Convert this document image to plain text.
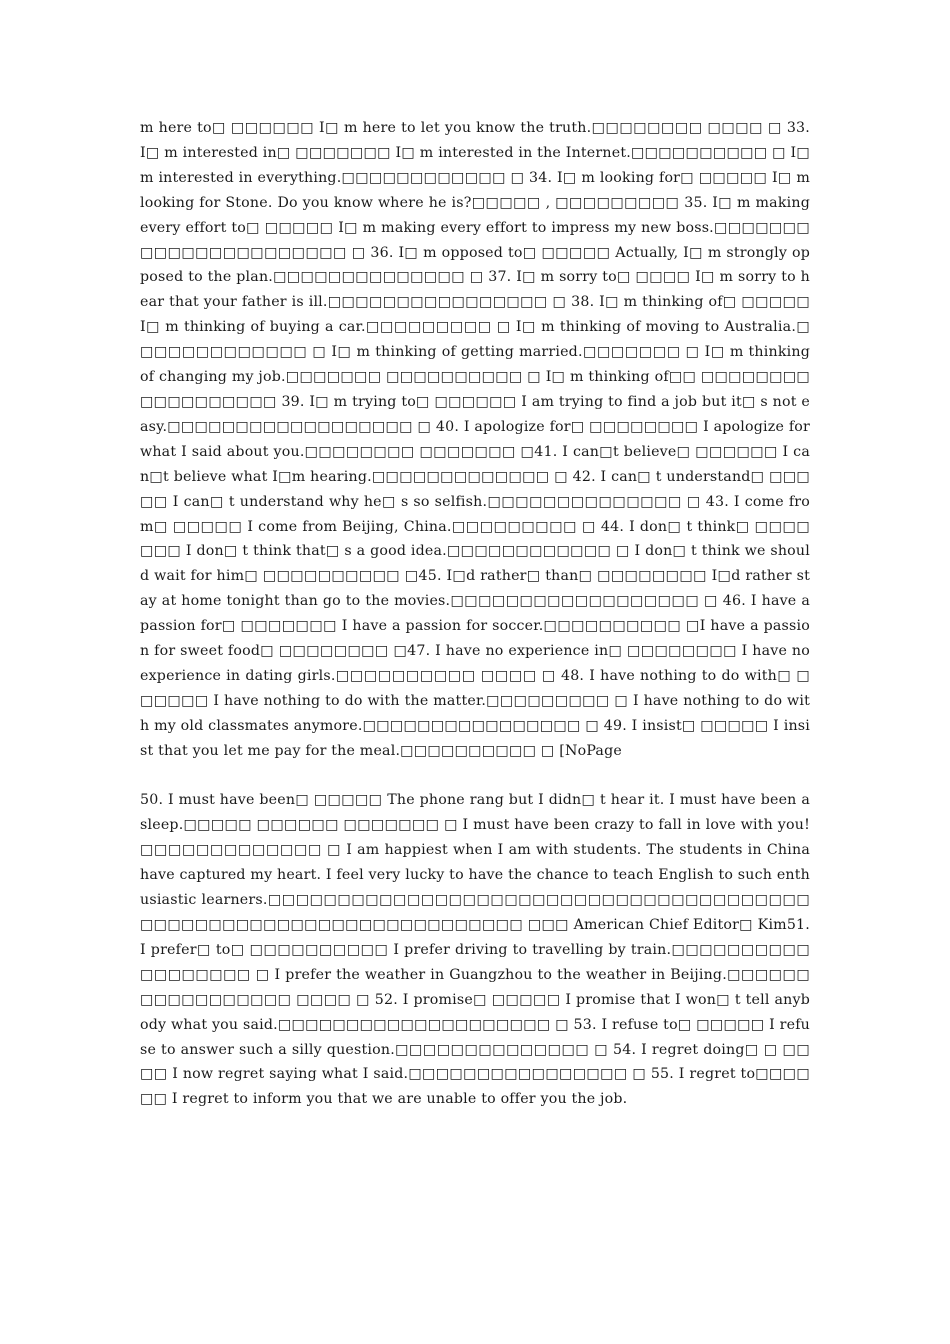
m here to□ □□□□□□ I□ m here to let you know the truth.□□□□□□□□ □□□□ □ 33. I□ m interested in□ □□□□□□□ I□ m interested in the Internet.□□□□□□□□□□ □ I□ m interested in everything.□□□□□□□□□□□□ □ 34. I□ m looking for□ □□□□□ I□ m looking for Stone. Do you know where he is?□□□□□ , □□□□□□□□□ 35. I□ m making every effort to□ □□□□□ I□ m making every effort to impress my new boss.□□□□□□□□□□□□□□□□□□□□□□ □ 36. I□ m opposed to□ □□□□□ Actually, I□ m strongly opposed to the plan.□□□□□□□□□□□□□□ □ 37. I□ m sorry to□ □□□□ I□ m sorry to hear that your father is ill.□□□□□□□□□□□□□□□□ □ 38. I□ m thinking of□ □□□□□ I□ m thinking of buying a car.□□□□□□□□□ □ I□ m thinking of moving to Australia.□□□□□□□□□□□□□ □ I□ m thinking of getting married.□□□□□□□ □ I□ m thinking of changing my job.□□□□□□□ □□□□□□□□□□ □ I□ m thinking of□□ □□□□□□□□□□□□□□□□□□ 39. I□ m trying to□ □□□□□□ I am trying to find a job but it□ s not easy.□□□□□□□□□□□□□□□□□□ □ 40. I apologize for□ □□□□□□□□ I apologize for what I said about you.□□□□□□□□ □□□□□□□ □41. I can□t believe□ □□□□□□ I can□t believe what I□m hearing.□□□□□□□□□□□□□ □ 42. I can□ t understand□ □□□□□ I can□ t understand why he□ s so selfish.□□□□□□□□□□□□□□ □ 43. I come from□ □□□□□ I come from Beijing, China.□□□□□□□□□ □ 44. I don□ t think□ □□□□□□□ I don□ t think that□ s a good idea.□□□□□□□□□□□□ □ I don□ t think we should wait for him□ □□□□□□□□□□ □45. I□d rather□ than□ □□□□□□□□ I□d rather stay at home tonight than go to the movies.□□□□□□□□□□□□□□□□□□ □ 46. I have a passion for□ □□□□□□□ I have a passion for soccer.□□□□□□□□□□ □I have a passion for sweet food□ □□□□□□□□ □47. I have no experience in□ □□□□□□□□ I have no experience in dating girls.□□□□□□□□□□ □□□□ □ 48. I have nothing to do with□ □□□□□□ I have nothing to do with the matter.□□□□□□□□□ □ I have nothing to do with my old classmates anymore.□□□□□□□□□□□□□□□□ □ 49. I insist□ □□□□□ I insist that you let me pay for the meal.□□□□□□□□□□ □ [NoPage

50. I must have been□ □□□□□ The phone rang but I didn□ t hear it. I must have been asleep.□□□□□ □□□□□□ □□□□□□□ □ I must have been crazy to fall in love with you!□□□□□□□□□□□□□ □ I am happiest when I am with students. The students in China have captured my heart. I feel very lucky to have the chance to teach English to such enthusiastic learners.□□□□□□□□□□□□□□□□□□□□□□□□□□□□□□□□□□□□□□□□□□□□□□□□□□□□□□□□□□□□□□□□□□□ □□□ American Chief Editor□ Kim51. I prefer□ to□ □□□□□□□□□□ I prefer driving to travelling by train.□□□□□□□□□□□□□□□□□□ □ I prefer the weather in Guangzhou to the weather in Beijing.□□□□□□□□□□□□□□□□□ □□□□ □ 52. I promise□ □□□□□ I promise that I won□ t tell anybody what you said.□□□□□□□□□□□□□□□□□□□□ □ 53. I refuse to□ □□□□□ I refuse to answer such a silly question.□□□□□□□□□□□□□□ □ 54. I regret doing□ □ □□□□ I now regret saying what I said.□□□□□□□□□□□□□□□□ □ 55. I regret to□□□□□□ I regret to inform you that we are unable to offer you the job.
